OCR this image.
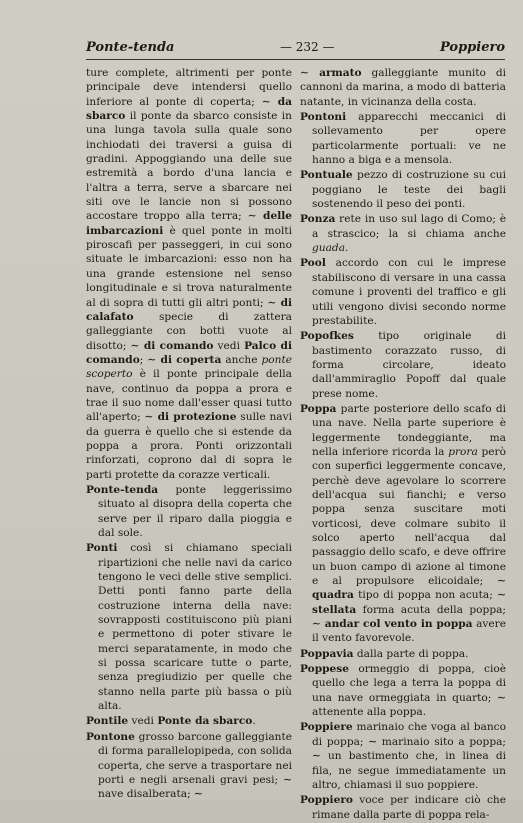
Ponte-tenda	— 232 —	Poppiero
ture complete, altrimenti per ponte principale deve intendersi quello inferiore al ponte di coperta; ∼ da sbarco il ponte da sbarco consiste in una lunga tavola sulla quale sono inchiodati dei traversi a guisa di gradini. Appoggiando una delle sue estremità a bordo d'una lancia e l'altra a terra, serve a sbarcare nei siti ove le lancie non si possono accostare troppo alla terra; ∼ delle imbarcazioni è quel ponte in molti piroscafi per passeggeri, in cui sono situate le imbarcazioni: esso non ha una grande estensione nel senso longitudinale e si trova naturalmente al di sopra di tutti gli altri ponti; ∼ di calafato specie di zattera galleggiante con botti vuote al disotto; ∼ di comando vedi Palco di comando; ∼ di coperta anche ponte scoperto è il ponte principale della nave, continuo da poppa a prora e trae il suo nome dall'esser quasi tutto all'aperto; ∼ di protezione sulle navi da guerra è quello che si estende da poppa a prora. Ponti orizzontali rinforzati, coprono dal di sopra le parti protette da corazze verticali.
Ponte-tenda ponte leggerissimo situato al disopra della coperta che serve per il riparo dalla pioggia e dal sole.
Ponti così si chiamano speciali ripartizioni che nelle navi da carico tengono le veci delle stive semplici. Detti ponti fanno parte della costruzione interna della nave: sovrapposti costituiscono più piani e permettono di poter stivare le merci separatamente, in modo che si possa scaricare tutte o parte, senza pregiudizio per quelle che stanno nella parte più bassa o più alta.
Pontile vedi Ponte da sbarco.
Pontone grosso barcone galleggiante di forma parallelopipeda, con solida coperta, che serve a trasportare nei porti e negli arsenali gravi pesi; ∼ nave disalberata; ∼
∼ armato galleggiante munito di cannoni da marina, a modo di batteria natante, in vicinanza della costa.
Pontoni apparecchi meccanici di sollevamento per opere particolarmente portuali: ve ne hanno a biga e a mensola.
Pontuale pezzo di costruzione su cui poggiano le teste dei bagli sostenendo il peso dei ponti.
Ponza rete in uso sul lago di Como; è a strascico; la si chiama anche guada.
Pool accordo con cui le imprese stabiliscono di versare in una cassa comune i proventi del traffico e gli utili vengono divisi secondo norme prestabilite.
Popofkes tipo originale di bastimento corazzato russo, di forma circolare, ideato dall'ammiraglio Popoff dal quale prese nome.
Poppa parte posteriore dello scafo di una nave. Nella parte superiore è leggermente tondeggiante, ma nella inferiore ricorda la prora però con superfici leggermente concave, perchè deve agevolare lo scorrere dell'acqua sui fianchi; e verso poppa senza suscitare moti vorticosi, deve colmare subito il solco aperto nell'acqua dal passaggio dello scafo, e deve offrire un buon campo di azione al timone e al propulsore elicoidale; ∼ quadra tipo di poppa non acuta; ∼ stellata forma acuta della poppa; ∼ andar col vento in poppa avere il vento favorevole.
Poppavia dalla parte di poppa.
Poppese ormeggio di poppa, cioè quello che lega a terra la poppa di una nave ormeggiata in quarto; ∼ attenente alla poppa.
Poppiere marinaio che voga al banco di poppa; ∼ marinaio sito a poppa; ∼ un bastimento che, in linea di fila, ne segue immediatamente un altro, chiamasi il suo poppiere.
Poppiero voce per indicare ciò che rimane dalla parte di poppa rela-
